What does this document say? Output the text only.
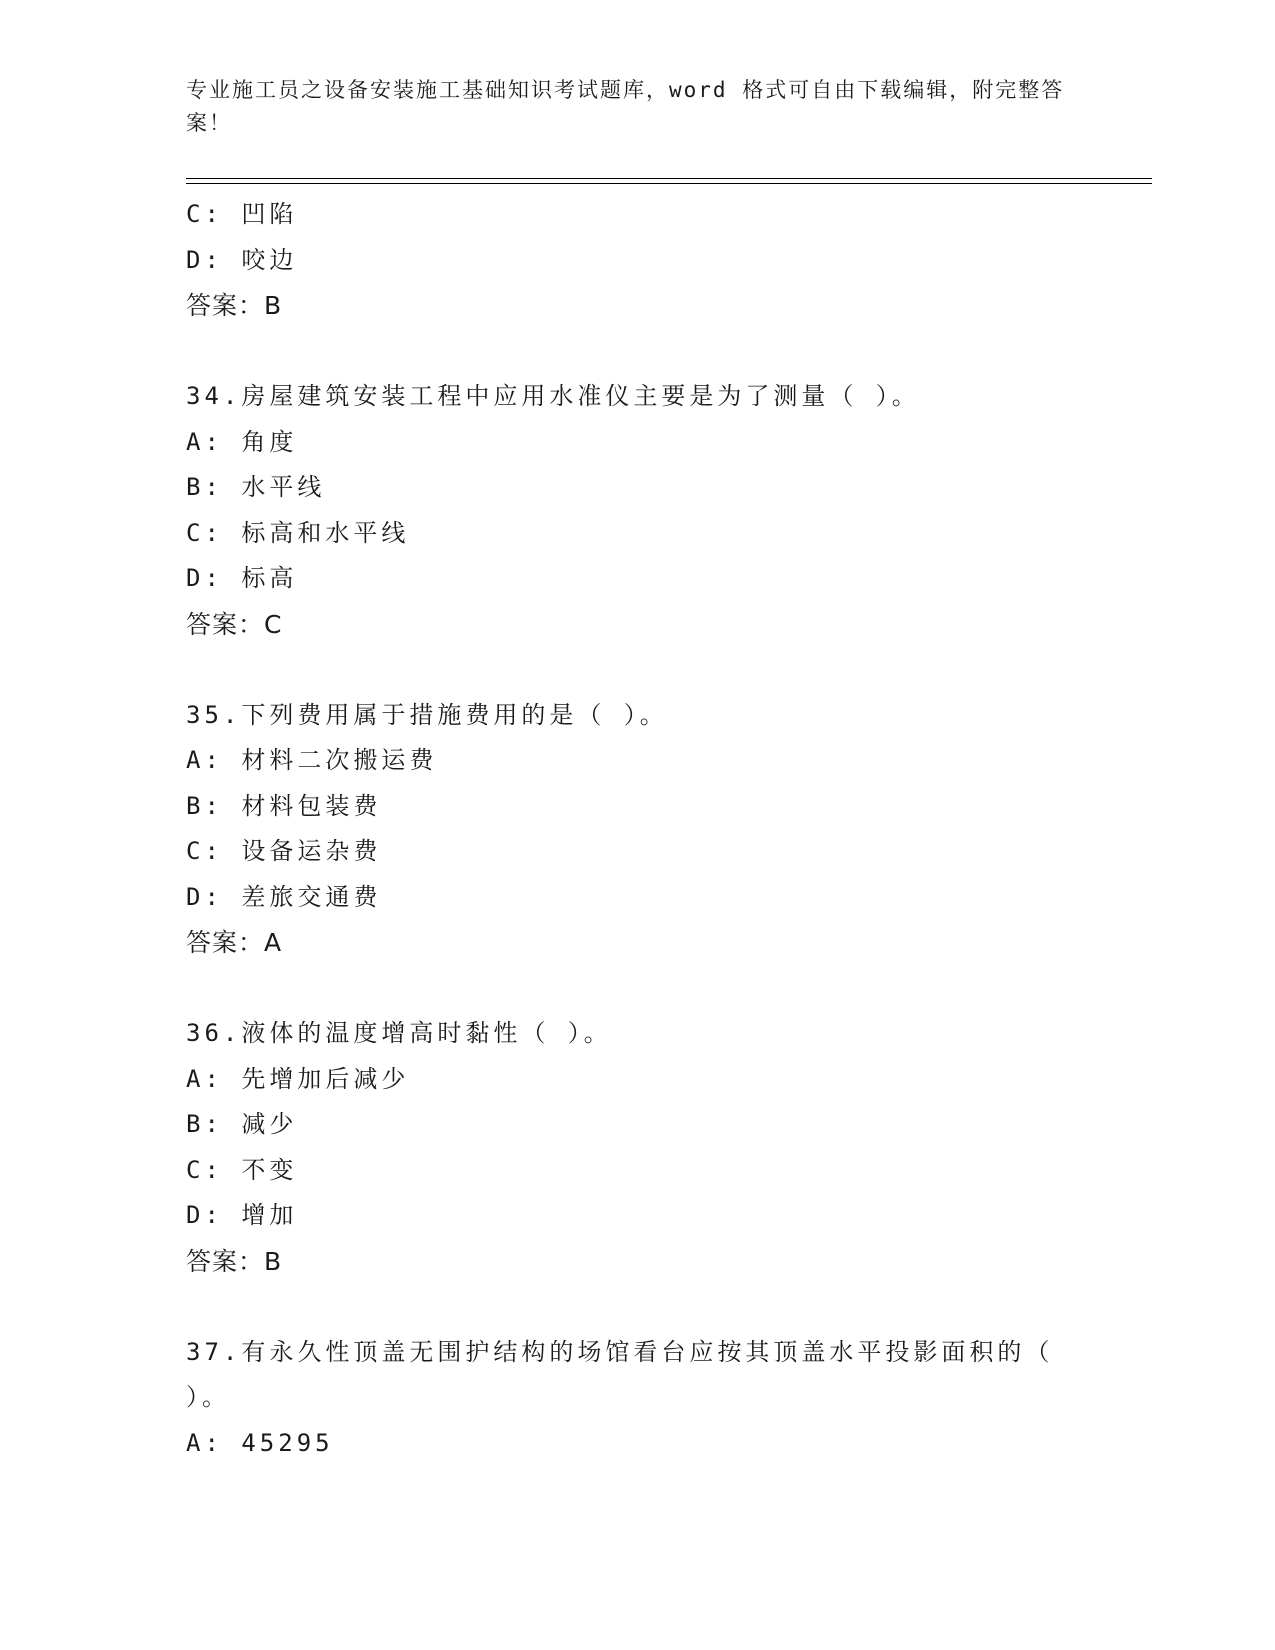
专业施工员之设备安装施工基础知识考试题库，word 格式可自由下载编辑，附完整答案！
C: 凹陷
D: 咬边
答案：B
34.房屋建筑安装工程中应用水准仪主要是为了测量（ ）。
A: 角度
B: 水平线
C: 标高和水平线
D: 标高
答案：C
35.下列费用属于措施费用的是（ ）。
A: 材料二次搬运费
B: 材料包装费
C: 设备运杂费
D: 差旅交通费
答案：A
36.液体的温度增高时黏性（ ）。
A: 先增加后减少
B: 减少
C: 不变
D: 增加
答案：B
37.有永久性顶盖无围护结构的场馆看台应按其顶盖水平投影面积的（ ）。
A: 45295
